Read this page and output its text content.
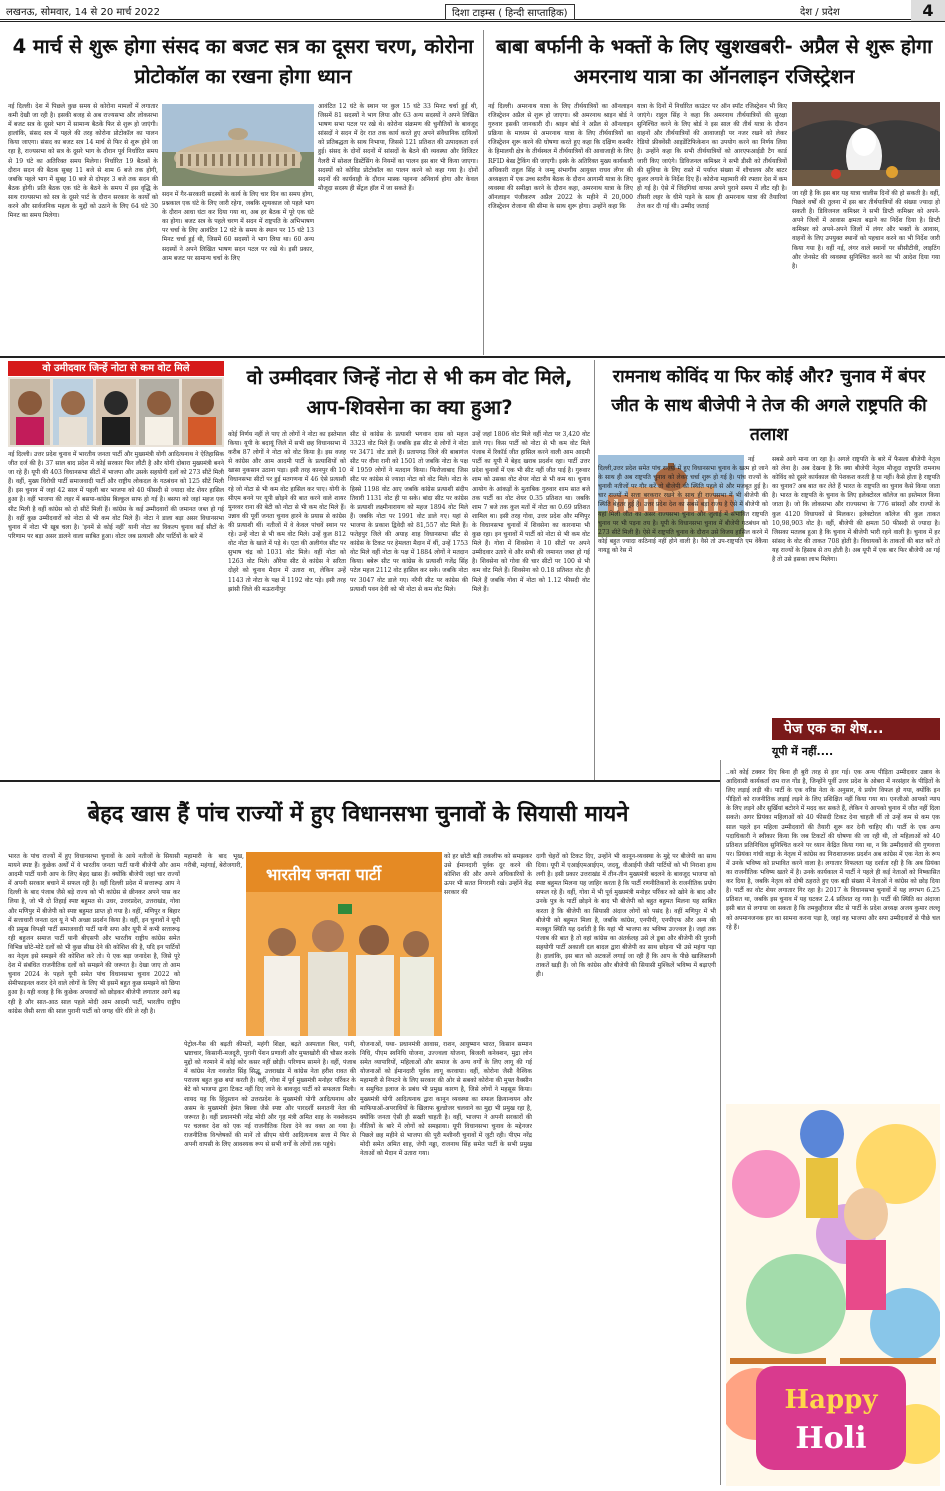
लखनऊ, सोमवार, 14 से 20 मार्च 2022	दिशा टाइम्स ( हिन्दी साप्ताहिक)	देश / प्रदेश	4
4 मार्च से शुरू होगा संसद का बजट सत्र का दूसरा चरण, कोरोना प्रोटोकॉल का रखना होगा ध्यान
नई दिल्ली। देश में पिछले कुछ समय से कोरोना मामलों में लगातार कमी देखी जा रही है। इसकी बजह से अब राज्यसभा और लोकसभा में बजट सत्र के दूसरे भाग में सामान्य बैठकें फिर से शुरू हो जाएंगी। हालांकि, संसद सत्र में पहले की तरह कोरोना प्रोटोकॉल का पालन किया जाएगा। संसद का बजट सत्र 14 मार्च से फिर से शुरू होने जा रहा है, राज्यसभा को सत्र के दूसरे भाग के दौरान पूर्व निर्धारित समय से 19 घंटे का अतिरिक्त समय मिलेगा। निर्धारित 19 बैठकों के दौरान सदन की बैठक सुबह 11 बजे से शाम 6 बजे तक होगी, जबकि पहले भाग में सुबह 10 बजे से दोपहर 3 बजे तक सदन की बैठक होगी। प्रति बैठक एक घंटे के बैठने के समय में इस वृद्धि के साथ राज्यसभा को सत्र के दूसरे पार्ट के दौरान सरकार के कार्यों को करने और सार्वजनिक महत्व के मुद्दों को उठाने के लिए 64 घंटे 30 मिनट का समय मिलेगा।
सदन में गैर-सरकारी सदस्यों के कार्य के लिए चार दिन का समय होगा, प्रश्नकाल एक घंटे के लिए जारी रहेगा, जबकि शून्यकाल जो पहले भाग के दौरान आधा घंटा कर दिया गया था, अब हर बैठक में पूरे एक घंटे का होगा। बजट सत्र के पहले चरण में सदन में राष्ट्रपति के अभिभाषण पर चर्चा के लिए आवंटित 12 घंटे के समय के स्थान पर 15 घंटे 13 मिनट चर्चा हुई थी, जिसमें 60 सदस्यों ने भाग लिया था। 60 अन्य सदस्यों ने अपने लिखित भाषण सदन पटल पर रखे थे। इसी प्रकार, आम बजट पर सामान्य चर्चा के लिए
आवंटित 12 घंटे के स्थान पर कुल 15 घंटे 33 मिनट चर्चा हुई थी, जिसमें 81 सदस्यों ने भाग लिया और 63 अन्य सदस्यों ने अपने लिखित भाषण सभा पटल पर रखे थे। कोरोना संक्रमण की चुनौतियों के बावजूद सांसदों ने सदन में देर रात तक कार्य करते हुए अपने संवैधानिक दायित्वों को प्रतिबद्धता के साथ निभाया, जिससे 121 प्रतिशत की उत्पादकता दर्ज हुई। संसद के दोनों सदनों में सांसदों के बैठने की व्यवस्था और विजिटर गैलरी में सोशल डिस्टेंसिंग के नियमों का पालन इस बार भी किया जाएगा। सदस्यों को कोविड प्रोटोकॉल का पालन करने को कहा गया है। दोनों सदनों की कार्यवाही के दौरान मास्क पहनना अनिवार्य होगा और केवल मौजूदा सदस्य ही सेंट्रल हॉल में जा सकते हैं।
बाबा बर्फानी के भक्तों के लिए खुशखबरी- अप्रैल से शुरू होगा अमरनाथ यात्रा का ऑनलाइन रजिस्ट्रेशन
नई दिल्ली। अमरनाथ यात्रा के लिए तीर्थयात्रियों का ऑनलाइन रजिस्ट्रेशन अप्रैल से शुरू हो जाएगा। श्री अमरनाथ श्राइन बोर्ड ने गुरुवार इसकी जानकारी दी। श्राइन बोर्ड ने अप्रैल से ऑनलाइन प्रक्रिया के माध्यम से अमरनाथ यात्रा के लिए तीर्थयात्रियों का रजिस्ट्रेशन शुरू करने की घोषणा करते हुए कहा कि दक्षिण कश्मीर के हिमालयी क्षेत्र के तीर्थस्थल में तीर्थयात्रियों की आवाजाही के लिए RFID बेस्ड ट्रैकिंग की जाएगी। इस्के के अतिरिक्त मुख्य कार्यकारी अधिकारी राहुल सिंह ने जम्मू संभागीय आयुक्त राघव लँगर की अध्यक्षता में एक उच्च स्तरीय बैठक के दौरान आगामी यात्रा के लिए व्यवस्था की समीक्षा करने के दौरान कहा, अमरनाथ यात्रा के लिए ऑनलाइन पंजीकरण अप्रैल 2022 के महीने में 20,000 रजिस्ट्रेशन रोजाना की सीमा के साथ शुरू होगा। उन्होंने कहा कि
यात्रा के दिनों में निर्धारित काउंटर पर ऑन स्पॉट रजिस्ट्रेशन भी किए जाएंगे। राहुल सिंह ने कहा कि अमरनाथ तीर्थयात्रियों की सुरक्षा सुनिश्चित करने के लिए बोर्ड ने इस साल की तीर्थ यात्रा के दौरान वाहनों और तीर्थयात्रियों की आवाजाही पर नजर रखने को लेकर रेडियो फ्रीक्वेंसी आइडेंटिफिकेशन का उपयोग करने का निर्णय लिया है। उन्होंने कहा कि सभी तीर्थयात्रियों को आरएफआईडी टैग कार्ड जारी किए जाएंगे। डिविजनल कमिश्नर ने सभी डीसी को तीर्थयात्रियों की सुविधा के लिए रास्ते में पर्याप्त संख्या में शौचालय और बाटर कूलर लगाने के निर्देश दिए हैं। कोरोना महामारी की रफ्तार देश में कम हो गई है। ऐसे में जिंदगियां वापस अपने पुराने समय में लौट रही है। तीसरी लहर के धीमे पड़ने के साथ ही अमरनाथ यात्रा की तैयारियां तेज कर दी गई थी। उम्मीद जताई
जा रही है कि इस बार यह यात्रा चालीस दिनों की हो सकती है। वहीं, पिछले वर्षों की तुलना में इस बार तीर्थयात्रियों की संख्या ज्यादा हो सकती है। डिविजनल कमिश्नर ने सभी डिप्टी कमिश्नर को अपने-अपने जिलों में आवास क्षमता बढ़ाने का निर्देश दिया है। डिप्टी कमिश्नर को अपने-अपने जिलों में लंगर और भक्तों के आवास, वाहनों के लिए उपयुक्त स्थानों को पहचान करने का भी निर्देश जारी किया गया है। वहीं नई, लंगर वाले स्थानों पर सीसीटीवी, लाइटिंग और जेनसेट की व्यवस्था सुनिश्चित करने का भी आदेश दिया गया है।
वो उमीदवार जिन्हें नोटा से कम वोट मिले	वो उम्मीदवार जिन्हें नोटा से भी कम वोट मिले, आप-शिवसेना का क्या हुआ?
नई दिल्ली। उत्तर प्रदेश चुनाव में भारतीय जनता पार्टी और मुख्यमंत्री योगी आदित्यनाथ ने ऐतिहासिक जीत दर्ज की है। 37 साल बाद प्रदेश में कोई सरकार फिर लौटी है और योगी दोबारा मुख्यमंत्री बनने जा रहे हैं। यूपी की 403 विधानसभा सीटों में भाजपा और उसके सहयोगी दलों को 273 सीटें मिली हैं। वहीं, मुख्य विरोधी पार्टी समाजवादी पार्टी और राष्ट्रीय लोकदल के गठबंधन को 125 सीटें मिली हैं। इस चुनाव में जहां 42 साल में पहली बार भाजपा को 40 फीसदी से ज्यादा वोट शेयर हासिल हुआ है। वहीं भाजपा की लहर में बसपा-कांग्रेस बिल्कुल साफ हो गई है। बसपा को जहां महज एक सीट मिली है वहीं कांग्रेस को दो सीटें मिली हैं। कांग्रेस के कई उम्मीदवारों की जमानत जब्त हो गई है। वहीं कुछ उम्मीदवारों को नोटा से भी कम वोट मिले हैं। नोटा ने डाला बड़ा असर विधानसभा चुनाव में नोटा भी खूब चला है। 'इनमें से कोई नहीं' यानी नोटा का विकल्प चुनाव कई सीटों के परिणाम पर बड़ा असर डालने वाला साबित हुआ। वोटर जब प्रत्याशी और पार्टियों के बारे में
कोई निर्णय नहीं ले पाए तो लोगों ने नोटा का इस्तेमाल किया। यूपी के बदायूं जिले में सभी छह विधानसभा में करीब 87 लोगों ने नोटा को वोट किया है। इस वजह से कांग्रेस और आम आदमी पार्टी के प्रत्याशियों को खासा नुकसान उठाना पड़ा। इसी तरह कानपुर की 10 विधानसभा सीटों पर हुई मतगणना में 46 ऐसे प्रत्याशी रहे जो नोटा से भी कम वोट हासिल कर पाए। योगी के सीएम बनने पर यूपी छोड़ने की बात करने वाले शायर मुनव्वर राना की बेटी को नोटा से भी कम वोट मिले हैं। उन्नाव की पूर्वी जनता चुनाव हारने के प्रयास से कांग्रेस की प्रत्याशी थीं। नतीजों में वे केवल पांचवें स्थान पर रहे। उन्हें नोटा से भी कम वोट मिले। उन्हें कुल 812 वोट नोटा के खाते में पड़े थे। एटा की अलीगंज सीट पर सुभाष चंद्र को 1031 वोट मिले। वहीं नोटा को 1263 वोट मिले। औरेया सीट से कांग्रेस ने सरिता दोहरे को चुनाव मैदान में उतारा था, लेकिन उन्हें 1143 तो नोटा के पक्ष में 1192 वोट पड़े। इसी तरह झांसी जिले की मऊरानीपुर
सीट से कांग्रेस के प्रत्याशी भगवान दास को महज 3323 वोट मिले हैं। जबकि इस सीट से लोगों ने नोटा पर 3471 वोट डाले हैं। प्रतापगढ़ जिले की बाबागंज सीट पर वीना रानी को 1501 तो जबकि नोटा के पक्ष में 1959 लोगों ने मतदान किया। फिरोजाबाद जिस सीट पर कांग्रेस से ज्यादा नोटा को वोट मिले। नोटा के हिस्से 1198 वोट आए जबकि कांग्रेस प्रत्याशी संदीप तिवारी 1131 वोट ही पा सके। बांदा सीट पर कांग्रेस के प्रत्याशी लक्ष्मीनारायण को महज 1894 वोट मिले हैं। जबकि नोटा पर 1991 वोट डाले गए। यहां से भाजपा के प्रकाश द्विवेदी को 81,557 वोट मिले हैं। फतेहपुर जिले की अयाह शाह विधानसभा सीट से कांग्रेस के टिकट पर हेमलता मैदान में थीं, उन्हें 1753 वोट मिले वहीं नोटा के पक्ष में 1884 लोगों ने मतदान किया। बबेरू सीट पर कांग्रेस के प्रत्याशी गजेंद्र सिंह पटेल महज 2112 वोट हासिल कर सके। जबकि नोटा पर 3047 वोट डाले गए। नरैनी सीट पर कांग्रेस की प्रत्याशी पवन देवी को भी नोटा से कम वोट मिले।
उन्हें जहां 1806 वोट मिले वहीं नोटा पर 3,420 वोट डाले गए। किस पार्टी को नोटा से भी कम वोट मिले पंजाब में रिकॉर्ड जीत हासिल करने वाली आम आदमी पार्टी का यूपी में बेहद खराब प्रदर्शन रहा। पार्टी उत्तर प्रदेश चुनावों में एक भी सीट नहीं जीत पाई है। गुरुवार शाम को उसका वोट शेयर नोटा से भी कम था। चुनाव आयोग के आंकड़ों के मुताबिक गुरुवार शाम सात बजे तक पार्टी का वोट शेयर 0.35 प्रतिशत था। जबकि शाम 7 बजे तक कुल मतों में नोटा का 0.69 प्रतिशत शामिल था। इसी तरह गोवा, उत्तर प्रदेश और मणिपुर के विधानसभा चुनावों में शिवसेना का कारनामा भी कुछ रहा। इन चुनावों में पार्टी को नोटा से भी कम वोट मिले हैं। गोवा में शिवसेना ने 10 सीटों पर अपने उम्मीदवार उतारे थे और सभी की जमानत जब्त हो गई है। शिवसेना को गोवा की चार सीटों पर 100 से भी कम वोट मिले हैं। शिवसेना को 0.18 प्रतिशत वोट ही मिले हैं जबकि गोवा में नोटा को 1.12 फीसदी वोट मिले हैं।
रामनाथ कोविंद या फिर कोई और? चुनाव में बंपर जीत के साथ बीजेपी ने तेज की अगले राष्ट्रपति की तलाश
नई दिल्ली,उत्तर प्रदेश समेत पांच राज्यों में हुए विधानसभा चुनाव के खत्म हो जाने के साथ ही अब राष्ट्रपति चुनाव को लेकर चर्चा शुरू हो गई है। पांच राज्यों के चुनावी नतीजों पर गौर करें तो बीजेपी की स्थिति पहले से और मजबूत हुई है। चार राज्यों में सत्ता बरकरार रखने के साथ ही राज्यसभा में भी बीजेपी की स्थिति बेहतर हुई है। उत्तर प्रदेश देश का सबसे बड़ा राज्य है ऐसे में बीजेपी को यहां मिली जीत का असर राज्यसभा चुनाव और जुलाई में संभावित राष्ट्रपति चुनाव पर भी पड़ना तय है। यूपी के विधानसभा चुनाव में बीजेपी गठबंधन को 273 सीटें मिली हैं। ऐसे में राष्ट्रपति चुनाव के दौरान उसे विजय हासिल करने में कोई बहुत ज्यादा कठिनाई नहीं होने वाली है। वैसे तो उप-राष्ट्रपति एम वेंकैया नायडू को रेस में
सबसे आगे माना जा रहा है। अगले राष्ट्रपति के बारे में फैसला बीजेपी नेतृत्व को लेना है। अब देखना है कि क्या बीजेपी नेतृत्व मौजूदा राष्ट्रपति रामनाथ कोविंद को दूसरे कार्यकाल की पेशकश करती है या नहीं। कैसे होता है राष्ट्रपति का चुनाव? अब बात कर लेते हैं भारत के राष्ट्रपति का चुनाव कैसे किया जाता है। भारत के राष्ट्रपति के चुनाव के लिए इलेक्टोरल कॉलेज का इस्तेमाल किया जाता है। जो कि लोकसभा और राज्यसभा के 776 सांसदों और राज्यों के कुल 4120 विधायकों से मिलकर। इलेक्टोरल कॉलेज की कुल ताकत 10,98,903 वोट है। वहीं, बीजेपी की क्षमता 50 फीसदी से ज्यादा है। जिसका मतलब हुआ है कि चुनाव में बीजेपी भारी रहने वाली है। चुनाव में हर सांसद के वोट की ताकत 708 होती है। विधायकों के ताकतों की बात करें तो यह राज्यों के हिसाब से तय होती है। अब यूपी में एक बार फिर बीजेपी आ गई है तो उसे इसका लाभ मिलेगा।
पेज एक का शेष...
यूपी में नहीं....
बेहद खास हैं पांच राज्यों में हुए विधानसभा चुनावों के सियासी मायने
भारत के पांच राज्यों में हुए विधानसभा चुनावों के आये नतीजों के सियासी मायने स्पष्ट हैं। कुछेक अर्थों में ये भारतीय जनता पार्टी यानी बीजेपी और आम आदमी पार्टी यानी आप के लिए बेहद खास हैं। क्योंकि बीजेपी जहां चार राज्यों में अपनी सरकार बचाने में सफल रही है। वहीं दिल्ली प्रदेश में सत्तारूढ़ आप ने दिल्ली के बाद पंजाब जैसे बड़े राज्य को भी कांग्रेस से छीनकर अपने पास कर लिया है, जो भी दो तिहाई स्पष्ट बहुमत से। उधर, उत्तरप्रदेश, उत्तराखंड, गोवा और मणिपुर में बीजेपी को स्पष्ट बहुमत प्राप्त हो गया है। वहीं, मणिपुर व बिहार में सत्ताधारी जनता दल यू ने भी अच्छा प्रदर्शन किया है। वहीं, इन चुनावों ने यूपी की प्रमुख विपक्षी पार्टी समाजवादी पार्टी यानी सपा और यूपी में कभी सत्तारूढ़ रही बहुजन समाज पार्टी यानी बीएसपी और भारतीय राष्ट्रीय कांग्रेस समेत विभिन्न छोटे-मोटे दलों को भी कुछ सीख देने की कोशिश की है, यदि इन पार्टियों का नेतृत्व इसे समझने की कोशिश करे तो। ये एक बड़ा जनादेश है, जिसे पूरे देश में संबंधित राजनीतिक दलों को समझने की जरूरत है। देखा जाए तो आम चुनाव 2024 के पहले यूपी समेत पांच विधानसभा चुनाव 2022 को सेमीफाइनल करार देने वाले लोगों के लिए भी इसमें बहुत कुछ समझने को छिपा हुआ है। यही वजह है कि कुछेक अपवादों को छोड़कर बीजेपी लगातार आगे बढ़ रही है और सात-आठ साल पहले मोदी आम आदमी पार्टी, भारतीय राष्ट्रीय कांग्रेस जैसी सत्ता की साल पुरानी पार्टी को जगह धीरे धीरे ले रही है।
महामारी के बाद भूख, गरीबी, महंगाई, बेरोजगारी, भारतीय जनता पार्टी
पेट्रोल-गैस की बढ़ती कीमतों, महंगी शिक्षा, बढ़ते अस्पताल बिल, पानी, भ्रष्टाचार, किसानी-मजदूरी, पुरानी पेंशन प्रणाली और मुफ्तखोरी की चौसर करके मुद्दों को गरमाने में कोई कोर कसर नहीं छोड़ी। परिणाम सामने है। वहीं, पंजाब में कांग्रेस नेता नवजोत सिंह सिद्धू, उत्तराखंड में कांग्रेस नेता हरीश रावत की पराजय बहुत कुछ बयां करती है। वहीं, गोवा में पूर्व मुख्यमंत्री मनोहर पर्रिकर के बेटे को भाजपा द्वारा टिकट नहीं दिए जाने के बावजूद पार्टी को सफलता मिली। शायद यह कि हिंदुस्तान को उत्तरप्रदेश के मुख्यमंत्री योगी आदित्यनाथ और असम के मुख्यमंत्री हेमंत बिस्वा जैसे स्पष्ट और पारदर्शी सनातनी नेता की जरूरत है। वहीं प्रधानमंत्री नरेंद्र मोदी और गृह मंत्री अमित शाह के नक्शेकदम पर चलकर देश को एक नई राजनीतिक दिशा देने का वक्त आ गया है। राजनीतिक विश्लेषकों की मानें तो सीएम योगी आदित्यनाथ सत्ता में फिर से अपनी वापसी के लिए आवश्यक रूप से सभी वर्गों के लोगों तक पहुंचे।
योजनाओं, यथा- प्रधानमंत्री आवास, राशन, आयुष्मान भारत, किसान सम्मान निधि, पीएम स्वनिधि योजना, उज्ज्वला योजना, बिजली कनेक्शन, मुद्रा लोन समेत व्यापारियों, महिलाओं और समाज के अन्य वर्गों के लिए लागू की गई योजनाओं को ईमानदारी पूर्वक लागू करवाया। वहीं, कोरोना जैसी वैश्विक महामारी से निपटने के लिए सरकार की ओर से सबको कोरोना की मुफ्त वैक्सीन व समुचित इलाज के प्रबंध भी प्रमुख कारण है, जिसे लोगों ने महसूस किया। मुख्यमंत्री योगी आदित्यनाथ द्वारा कानून व्यवस्था का सफल क्रियान्वयन और माफियाओं-अपराधियों के खिलाफ बुल्डोजर चलवाने का मुद्दा भी प्रमुख रहा है, क्योंकि जनता ऐसी ही सख्ती चाहती है। वहीं, भाजपा ने अपनी सरकारों की नीतियों के बारे में लोगों को समझाया। यूपी विधानसभा चुनाव के मद्देनजर पिछले छह महीने से भाजपा की पूरी मशीनरी चुनावों में जुटी रही। पीएम नरेंद्र मोदी समेत अमित शाह, जेपी नड्डा, राजनाथ सिंह समेत पार्टी के सभी प्रमुख नेताओं को मैदान में उतारा गया।
को हर छोटी बड़ी तकलीफ को समझकर उसे ईमानदारी पूर्वक दूर करने की कोशिश की और अपने अधिकारियों के ऊपर भी सतत निगरानी रखे। उन्होंने केंद्र सरकार की
दागी चेहरों को टिकट दिए, उन्होंने भी कानून-व्यवस्था के मुद्दे पर बीजेपी का साथ दिया। यूपी में एआईएमआईएम, जदयू, वीआईपी जैसी पार्टियों को भी निराशा हाथ लगी है। इसी प्रकार उत्तराखंड में तीन-तीन मुख्यमंत्री बदलने के बावजूद भाजपा को स्पष्ट बहुमत मिलना यह जाहिर करता है कि पार्टी रणनीतिकारों के राजनीतिक प्रयोग सफल रहे हैं। वहीं, गोवा में भी पूर्व मुख्यमंत्री मनोहर पर्रिकर को खोने के बाद और उनके पुत्र के पार्टी छोड़ने के बाद भी बीजेपी को बहुत बहुमत मिलना यह साबित करता है कि बीजेपी का सियासी अंदाज लोगों को पसंद है। वहीं मणिपुर में भी बीजेपी को बहुमत मिला है, जबकि कांग्रेस, एनपीपी, एनपीएफ और अन्य की मजबूत स्थिति यह दर्शाती है कि यहां भी भाजपा का भविष्य उज्ज्वल है। जहां तक पंजाब की बात है तो वहां कांग्रेस का अंतर्कलह उसे ले डूबा और बीजेपी की पुरानी सहयोगी पार्टी अकाली दल बादल द्वारा बीजेपी का साथ छोड़ना भी उसे महंगा पड़ा है। हालांकि, इस बात को अटकलें लगाई जा रही हैं कि आप के पीछे खालिस्तानी ताकतें खड़ी हैं। जो कि कांग्रेस और बीजेपी की सियासी मुश्किलें भविष्य में बढ़ाएगी ही।
..को कोई टक्कर दिए बिना ही बुरी तरह से हार गई। एक अन्य पीड़िता उम्मीदवार उन्नाव के आदिवासी कार्यकर्ता राम राज गोंड है, जिन्होंने पूर्वी उत्तर प्रदेश के ओबरा में नरसंहार के पीड़ितों के लिए लड़ाई लड़ी थी। पार्टी के एक वरिष्ठ नेता के अनुसार, ये प्रयोग विफल हो गया, क्योंकि इन पीड़ितों को राजनीतिक लड़ाई लड़ने के लिए प्रशिक्षित नहीं किया गया था। एनजीओ आपको न्याय के लिए लड़ने और सुर्खियां बटोरने में मदद कर सकते हैं, लेकिन ये आपको चुनाव में जीत नहीं दिला सकते। अगर प्रियंका महिलाओं को 40 फीसदी टिकट देना चाहती थीं तो उन्हें कम से कम एक साल पहले इन महिला उम्मीदवारों की तैयारी शुरू कर देनी चाहिए थी। पार्टी के एक अन्य पदाधिकारी ने स्वीकार किया कि जब टिकटों की घोषणा की जा रही थी, तो महिलाओं को 40 प्रतिशत प्रतिनिधित्व सुनिश्चित करने पर ध्यान केंद्रित किया गया था, न कि उम्मीदवारों की गुणवत्ता पर। प्रियंका गांधी वाड्रा के नेतृत्व में कांग्रेस का निराशाजनक प्रदर्शन अब कांग्रेस में एक नेता के रूप में उनके भविष्य को प्रभावित करने वाला है। लगातार विफलता यह दर्शाता रही है कि अब प्रियंका का राजनीतिक भविष्य खतरे में है। उनके कार्यकाल में पार्टी ने पहले ही कई नेताओं को निष्कासित कर दिया है, जबकि नेतृत्व को दोषी ठहराते हुए एक बड़ी संख्या में नेताओं ने कांग्रेस को छोड़ दिया है। पार्टी का वोट शेयर लगातार गिर रहा है। 2017 के विधानसभा चुनावों में यह लगभग 6.25 प्रतिशत था, जबकि इस चुनाव में यह घटकर 2.4 प्रतिशत रह गया है। पार्टी की स्थिति का अंदाजा इसी बात से लगाया जा सकता है कि तमकुहीराज सीट से पार्टी के प्रदेश अध्यक्ष अजय कुमार लल्लू को अपमानजनक हार का सामना करना पड़ा है, जहां वह भाजपा और सपा उम्मीदवारों से पीछे चल रहे हैं।
Happy
Holi
